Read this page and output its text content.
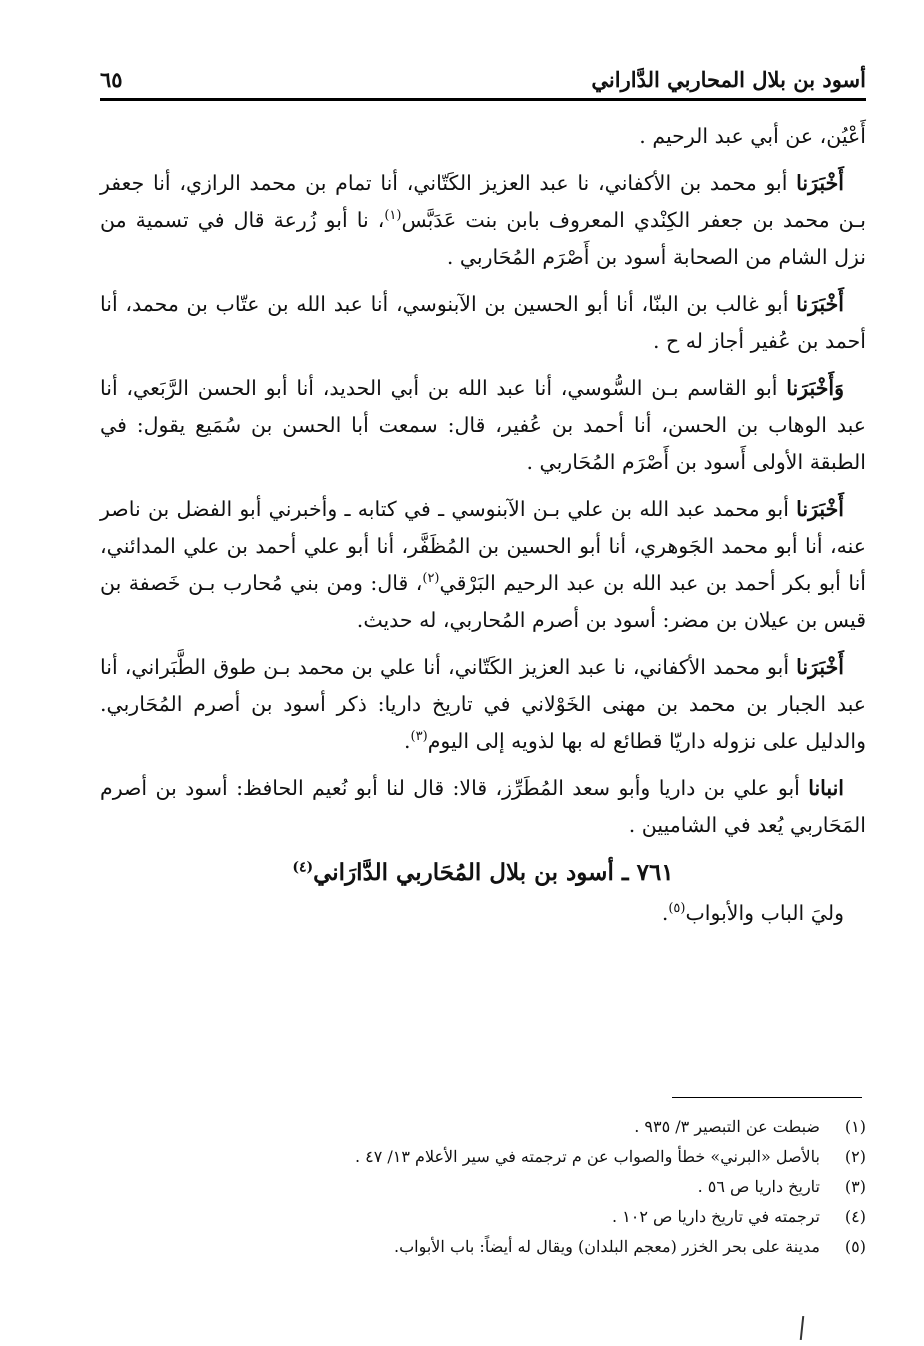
أسود بن بلال المحاربي الدَّاراني
٦٥

أَعْيُن، عن أبي عبد الرحيم .

أَخْبَرَنا أبو محمد بن الأكفاني، نا عبد العزيز الكَتّاني، أنا تمام بن محمد الرازي، أنا جعفر بـن محمد بن جعفر الكِنْدي المعروف بابن بنت عَدَبَّس$^{(١)}$، نا أبو زُرعة قال في تسمية من نزل الشام من الصحابة أسود بن أَصْرَم المُحَاربي .

أَخْبَرَنا أبو غالب بن البنّا، أنا أبو الحسين بن الآبنوسي، أنا عبد الله بن عتّاب بن محمد، أنا أحمد بن عُفير أجاز له ح .

وَأَخْبَرَنا أبو القاسم بـن السُّوسي، أنا عبد الله بن أبي الحديد، أنا أبو الحسن الرَّبَعي، أنا عبد الوهاب بن الحسن، أنا أحمد بن عُفير، قال: سمعت أبا الحسن بن سُمَيع يقول: في الطبقة الأولى أَسود بن أَصْرَم المُحَاربي .

أَخْبَرَنا أبو محمد عبد الله بن علي بـن الآبنوسي ـ في كتابه ـ وأخبرني أبو الفضل بن ناصر عنه، أنا أبو محمد الجَوهري، أنا أبو الحسين بن المُظَفَّر، أنا أبو علي أحمد بن علي المدائني، أنا أبو بكر أحمد بن عبد الله بن عبد الرحيم البَرْقي$^{(٢)}$، قال: ومن بني مُحارب بـن خَصفة بن قيس بن عيلان بن مضر: أسود بن أصرم المُحاربي، له حديث.

أَخْبَرَنا أبو محمد الأكفاني، نا عبد العزيز الكَتّاني، أنا علي بن محمد بـن طوق الطَّبَراني، أنا عبد الجبار بن محمد بن مهنى الخَوْلاني في تاريخ داريا: ذكر أسود بن أصرم المُحَاربي. والدليل على نزوله داريّا قطائع له بها لذويه إلى اليوم$^{(٣)}$.

انبانا أبو علي بن داريا وأبو سعد المُطَرِّز، قالا: قال لنا أبو نُعيم الحافظ: أسود بن أصرم المَحَاربي يُعد في الشاميين .

٧٦١ ـ أسود بن بلال المُحَاربي الدَّارَاني$^{(٤)}$

وليَ الباب والأبواب$^{(٥)}$.

(١)
ضبطت عن التبصير ٣/ ٩٣٥ .
(٢)
بالأصل «البرني» خطأ والصواب عن م ترجمته في سير الأعلام ١٣/ ٤٧ .
(٣)
تاريخ داريا ص ٥٦ .
(٤)
ترجمته في تاريخ داريا ص ١٠٢ .
(٥)
مدينة على بحر الخزر (معجم البلدان) ويقال له أيضاً: باب الأبواب.
